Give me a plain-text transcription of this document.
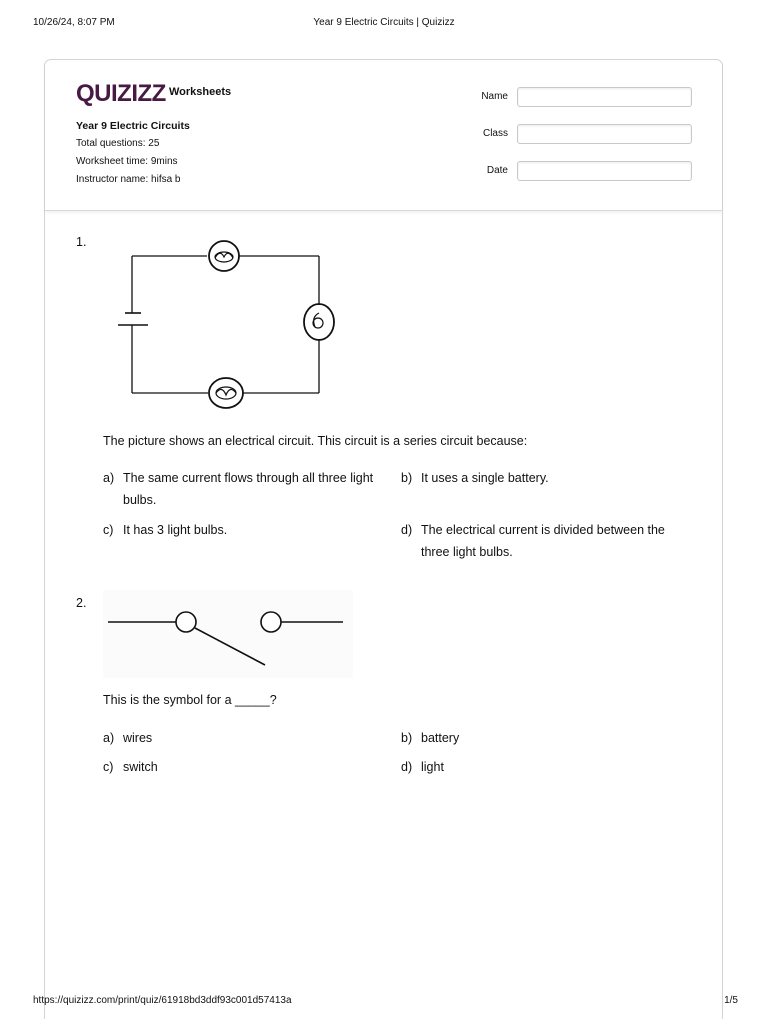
10/26/24, 8:07 PM	Year 9 Electric Circuits | Quizizz
QUIZIZZ Worksheets
Year 9 Electric Circuits
Total questions: 25
Worksheet time: 9mins
Instructor name: hifsa b
Name
Class
Date
1.
The picture shows an electrical circuit. This circuit is a series circuit because:
a) The same current flows through all three light bulbs.
b) It uses a single battery.
c) It has 3 light bulbs.	d) The electrical current is divided between the three light bulbs.
2.
This is the symbol for a _____?
a) wires	b) battery
c) switch	d) light
https://quizizz.com/print/quiz/61918bd3ddf93c001d57413a	1/5
